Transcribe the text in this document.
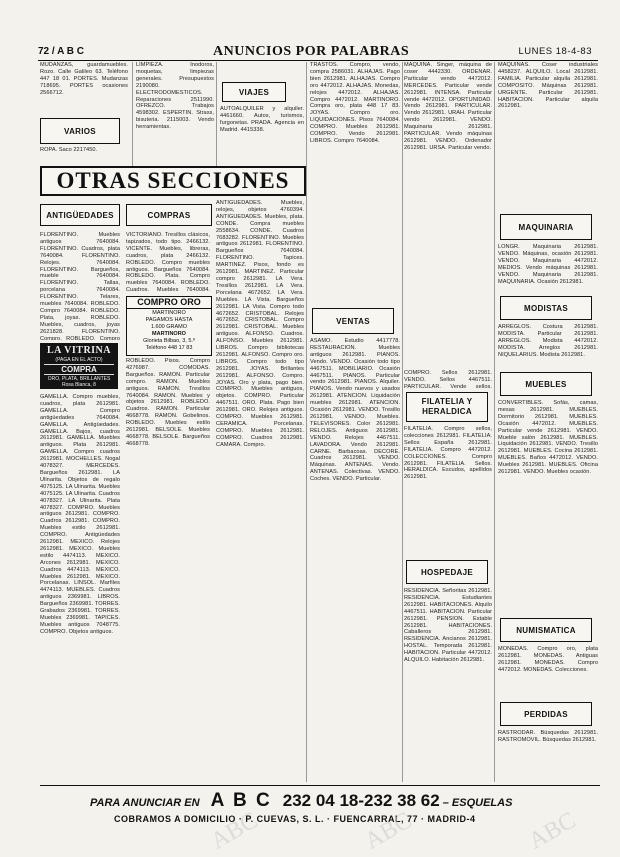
72 / A B C	ANUNCIOS POR PALABRAS	LUNES 18-4-83
MUDANZAS, guardamuebles. Rozo. Calle Galileo 63. Teléfono 447 18 01. PORTES. Mudanzas 718695. PORTES ocasiones 2566712.
VARIOS
ROPA. Saco 2217450.
LIMPIEZA. Inodoros, moquetas, limpiezas generales. Presupuestos 2190080. ELECTRODOMESTICOS. Reparaciones 2511990. OFREZCO. Trabajos 4598302. ESPERTIN. Strass, bisuteria. 2115003. Vendo herramientas.
VIAJES
AUTOALQUILER y alquiler. 4461660. Autos, turismos, furgonetas. PRADA. Agencia en Madrid. 4415338.
OTRAS SECCIONES
ANTIGÜEDADES	COMPRAS
FLORENTINO. Muebles antiguos 7640084. FLORENTINO. Cuadros, plata 7640084. FLORENTINO. Relojes. 7640084. FLORENTINO. Bargueños, mueble 7640084. FLORENTINO. Tallas, porcelana 7640084. FLORENTINO. Telares, muebles 7640084. ROBLEDO. Compro 7640084. ROBLEDO. Plata, joyas. ROBLEDO. Muebles, cuadros, joyas 2621828. FLORENTINO. Compro. ROBLEDO. Compro
LA VITRINA
(PAGA EN EL ACTO)
COMPRA
ORO, PLATA, BRILLANTES
Rosa Blanca, 8
GAMELLA. Compro muebles, cuadros, plata 2612981. GAMELLA. Compro antigüedades 7640084. GAMELLA. Antigüedades. GAMELLA. Bajos, cuadros 2612981. GAMELLA. Muebles antiguos. Plata 2612981. GAMELLA. Compro cuadros 2612981. MOCHELLES. Nogal 4078327. MERCEDES. Bargueños 2612981. LA Ulinarita. Objetos de regalo 4075125. LA Ulinarita. Muebles 4075125. LA Ulinarita. Cuadros 4078327. LA Ulinarita. Plata 4078327. COMPRO. Muebles antiguos 2612981. COMPRO. Cuadros 2612981. COMPRO. Muebles estilo 2612981. COMPRO. Antigüedades 2612981. MEXICO. Relojes 2612981. MEXICO. Muebles estilo 4474113. MEXICO. Arcones 2612981. MEXICO. Cuadros 4474113. MEXICO. Muebles 2612981. MEXICO. Porcelanas. LINSOL. Marfiles 4474113. MUEBLES. Cuadros antiguos 2369981. LIBROS. Bargueños 2369981. TORRES. Grabados 2369981. TORRES. Muebles 2369981. TAPICES. Muebles antiguos 7048775. COMPRO. Objetos antiguos.
VICTORIANO. Tresillos clásicos, tapizados, todo tipo. 2466132. VICENTE. Muebles, libreras, cuadros, plata 2466132. ROBLEDO. Compro muebles antiguos. Bargueños 7640084. ROBLEDO. Plata. Compro muebles 7640084. ROBLEDO. Cuadros. Muebles 7640084.
COMPRO ORO
MARTINORO
PAGAMOS HASTA
1.600 GRAMO
MARTINORO
Glorieta Bilbao, 3, 5.º
Teléfono 448 17 83
ROBLEDO. Pisos. Compro 4276987. COMODAS. Bargueños. RAMON. Particular compro. RAMON. Muebles antiguos. RAMON. Tresillos 7640084. RAMON. Muebles y objetos 2612981. ROBLEDO. Cuadros. RAMON. Particular 4668778. RAMON. Gobelinos. ROBLEDO. Muebles estilo 2612981. BELSOLE. Muebles 4668778. BELSOLE. Bargueños 4668778.
ANTIGUEDADES. Muebles, relojes, objetos 4760394. ANTIGUEDADES. Muebles, plata. CONDE. Compra muebles 2558634. CONDE. Cuadros 7683282. FLORENTINO. Muebles antiguos 2612981. FLORENTINO. Bargueños 7640084. FLORENTINO. Tapices. MARTINEZ. Pisos, fondo es 2612981. MARTINEZ. Particular compro 2612981. LA Vera. Tresillos 2612981. LA Vera. Porcelana 4672652. LA Vera. Muebles. LA Vista. Bargueños 2612981. LA Vista. Compro todo 4672652. CRISTOBAL. Relojes 4672652. CRISTOBAL. Compro 2612981. CRISTOBAL. Muebles antiguos. ALFONSO. Cuadros. ALFONSO. Muebles 2612981. LIBROS. Compro bibliotecas 2612981. ALFONSO. Compro oro. LIBROS. Compro todo tipo 2612981. JOYAS. Brillantes 2612981. ALFONSO. Compro. JOYAS. Oro y plata, pago bien. COMPRO. Muebles antiguos, objetos. COMPRO. Particular 4467511. ORO. Plata. Pago bien 2612981. ORO. Relojes antiguos. COMPRO. Muebles 2612981. CERAMICA. Porcelanas. COMPRO. Muebles 2612981. COMPRO. Cuadros 2612981. CAMARA. Compro.
TRASTOS. Compro, vendo, compra 2586031. ALHAJAS. Pago bien 2612981. ALHAJAS. Compro oro 4472012. ALHAJAS. Monedas, relojes 4472012. ALHAJAS. Compro 4472012. MARTINORO. Compra oro, plata 448 17 83. JOYAS. Compro oro. LIQUIDACIONES. Pisos 7640084. COMPRO. Muebles 2612981. COMPRO. Vendo 2612981. LIBROS. Compro 7640084.
VENTAS
ASAMO. Estudio 4417778. RESTAURACION. Muebles antiguos 2612981. PIANOS. Vendo. VENDO. Ocasión todo tipo 4467511. MOBILIARIO. Ocasión 4467511. PIANOS. Particular vendo 2612981. PIANOS. Alquiler. PIANOS. Vendo nuevos y usados 2612981. ATENCION. Liquidación muebles 2612981. ATENCION. Ocasión 2612981. VENDO. Tresillo 2612981. VENDO. Muebles. TELEVISORES. Color 2612981. RELOJES. Antiguos 2612981. VENDO. Relojes 4467511. LAVADORA. Vendo 2612981. CARNE. Barbacoas. DECORE. Cuadros 2612981. VENDO. Máquinas. ANTENAS. Vendo. ANTENAS. Colectivas. VENDO. Coches. VENDO. Particular.
MAQUINA. Singer, máquina de coser 4442330. ORDENAR. Particular vendo 4472012. MERCEDES. Particular vende 2612981. INTENSA. Particular vende 4472012. OPORTUNIDAD. Vendo 2612981. PARTICULAR. Vendo 2612981. URAH. Particular vendo 2612981. VENDO. Maquinaria 2612981. PARTICULAR. Vendo máquinas 2612981. VENDO. Ordenador 2612981. URSA. Particular vendo.
COMPRO. Sellos 2612981. VENDO. Sellos 4467511. PARTICULAR. Vende sellos.
FILATELIA Y HERALDICA
FILATELIA. Compro sellos, colecciones 2612981. FILATELIA. Sellos España 2612981. FILATELIA. Compro 4472012. COLECCIONES. Compro 2612981. FILATELIA. Sellos. HERALDICA. Escudos, apellidos 2612981.
HOSPEDAJE
RESIDENCIA. Señoritas 2612981. RESIDENCIA. Estudiantes 2612981. HABITACIONES. Alquilo 4467511. HABITACION. Particular 2612981. PENSION. Estable 2612981. HABITACIONES. Caballeros 2612981. RESIDENCIA. Ancianos 2612981. HOSTAL. Temporada 2612981. HABITACION. Particular 4472012. ALQUILO. Habitación 2612981.
MAQUINAS. Coser industriales 4458237. ALQUILO. Local 2612981. FAMILIA. Particular alquila 2612981. COMPOSITO. Máquinas 2612981. URGENTE. Particular 2612981. HABITACION. Particular alquila 2612981.
MAQUINARIA
LONGR. Maquinaria 2612981. VENDO. Máquinas, ocasión 2612981. VENDO. Maquinaria 4472012. MEDIOS. Vendo máquinas 2612981. VENDO. Maquinaria 2612981. MAQUINARIA. Ocasión 2612981.
MODISTAS
ARREGLOS. Costura 2612981. MODISTA. Particular 2612981. ARREGLOS. Modista 4472012. MODISTA. Arreglos 2612981. NIQUELARIUS. Modista 2612981.
MUEBLES
CONVERTIBLES. Sofás, camas, mesas 2612981. MUEBLES. Dormitorio 2612981. MUEBLES. Ocasión 4472012. MUEBLES. Particular vende 2612981. VENDO. Mueble salón 2612981. MUEBLES. Liquidación 2612981. VENDO. Tresillo 2612981. MUEBLES. Cocina 2612981. MUEBLES. Baños 4472012. VENDO. Muebles 2612981. MUEBLES. Oficina 2612981. VENDO. Muebles ocasión.
NUMISMATICA
MONEDAS. Compro oro, plata 2612981. MONEDAS. Antiguas 2612981. MONEDAS. Compro 4472012. MONEDAS. Colecciones.
PERDIDAS
RASTRODAR. Búsquedas 2612981. RASTROMOVIL. Búsquedas 2612981.
PARA ANUNCIAR EN A B C 232 04 18-232 38 62 – ESQUELAS
COBRAMOS A DOMICILIO · P. CUEVAS, S. L. · FUENCARRAL, 77 · MADRID-4
ABC	ABC	ABC
